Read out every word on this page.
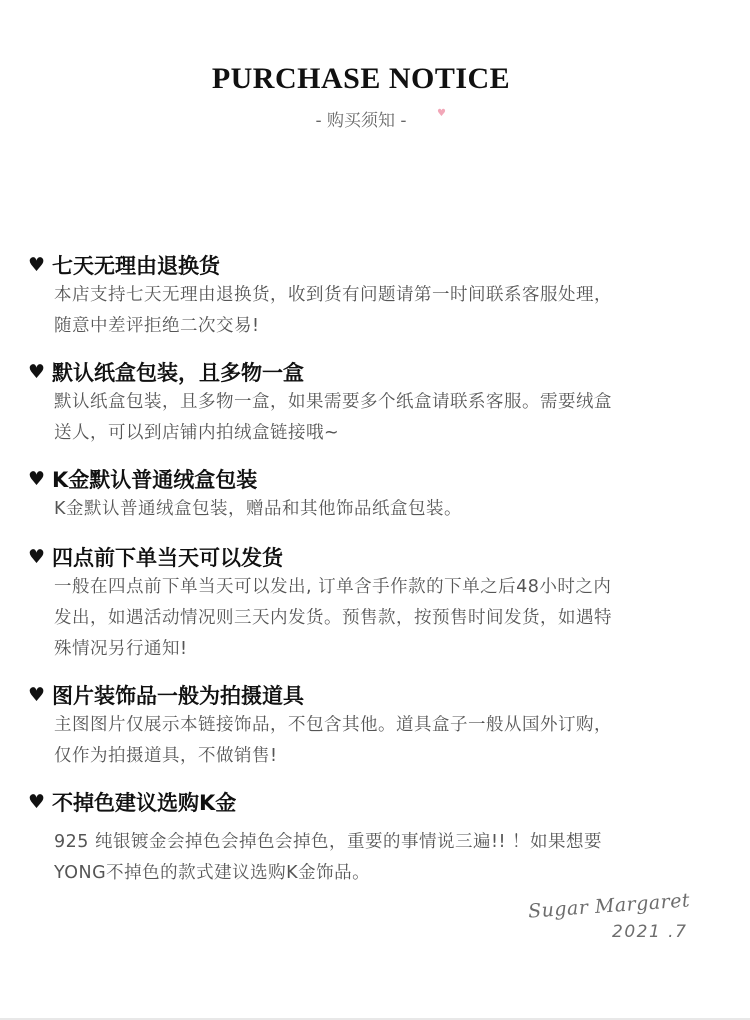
PURCHASE NOTICE
- 购买须知 -	♥
♥ 七天无理由退换货
本店支持七天无理由退换货，收到货有问题请第一时间联系客服处理，
随意中差评拒绝二次交易!
♥ 默认纸盒包装，且多物一盒
默认纸盒包装，且多物一盒，如果需要多个纸盒请联系客服。需要绒盒
送人，可以到店铺内拍绒盒链接哦~
♥ K金默认普通绒盒包装
K金默认普通绒盒包装，赠品和其他饰品纸盒包装。
♥ 四点前下单当天可以发货
一般在四点前下单当天可以发出, 订单含手作款的下单之后48小时之内
发出，如遇活动情况则三天内发货。预售款，按预售时间发货，如遇特
殊情况另行通知!
♥ 图片装饰品一般为拍摄道具
主图图片仅展示本链接饰品，不包含其他。道具盒子一般从国外订购，
仅作为拍摄道具，不做销售!
♥ 不掉色建议选购K金
925 纯银镀金会掉色会掉色会掉色，重要的事情说三遍!! ！如果想要
YONG不掉色的款式建议选购K金饰品。
Sugar Margaret
2021 .7
